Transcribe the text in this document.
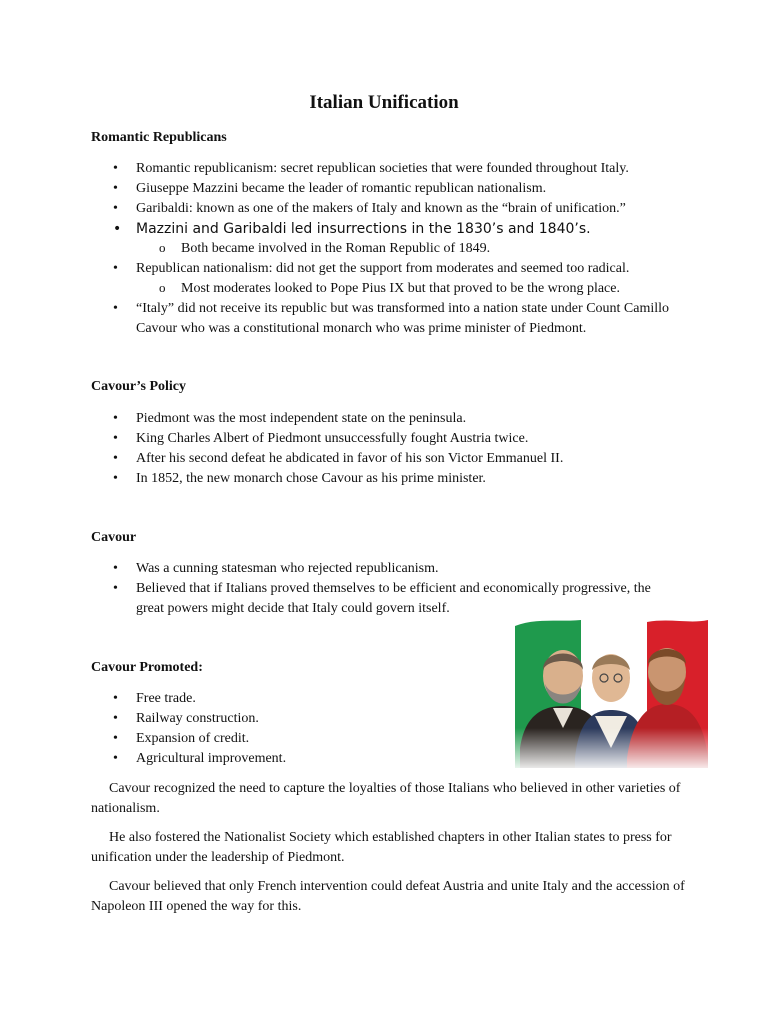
Italian Unification
Romantic Republicans
• Romantic republicanism: secret republican societies that were founded throughout Italy.
• Giuseppe Mazzini became the leader of romantic republican nationalism.
• Garibaldi: known as one of the makers of Italy and known as the “brain of unification.”
• Mazzini and Garibaldi led insurrections in the 1830’s and 1840’s.
o Both became involved in the Roman Republic of 1849.
• Republican nationalism: did not get the support from moderates and seemed too radical.
o Most moderates looked to Pope Pius IX but that proved to be the wrong place.
• “Italy” did not receive its republic but was transformed into a nation state under Count Camillo Cavour who was a constitutional monarch who was prime minister of Piedmont.
Cavour’s Policy
• Piedmont was the most independent state on the peninsula.
• King Charles Albert of Piedmont unsuccessfully fought Austria twice.
• After his second defeat he abdicated in favor of his son Victor Emmanuel II.
• In 1852, the new monarch chose Cavour as his prime minister.
Cavour
• Was a cunning statesman who rejected republicanism.
• Believed that if Italians proved themselves to be efficient and economically progressive, the great powers might decide that Italy could govern itself.
Cavour Promoted:
• Free trade.
• Railway construction.
• Expansion of credit.
• Agricultural improvement.

Cavour recognized the need to capture the loyalties of those Italians who believed in other varieties of nationalism.

He also fostered the Nationalist Society which established chapters in other Italian states to press for unification under the leadership of Piedmont.

Cavour believed that only French intervention could defeat Austria and unite Italy and the accession of Napoleon III opened the way for this.
